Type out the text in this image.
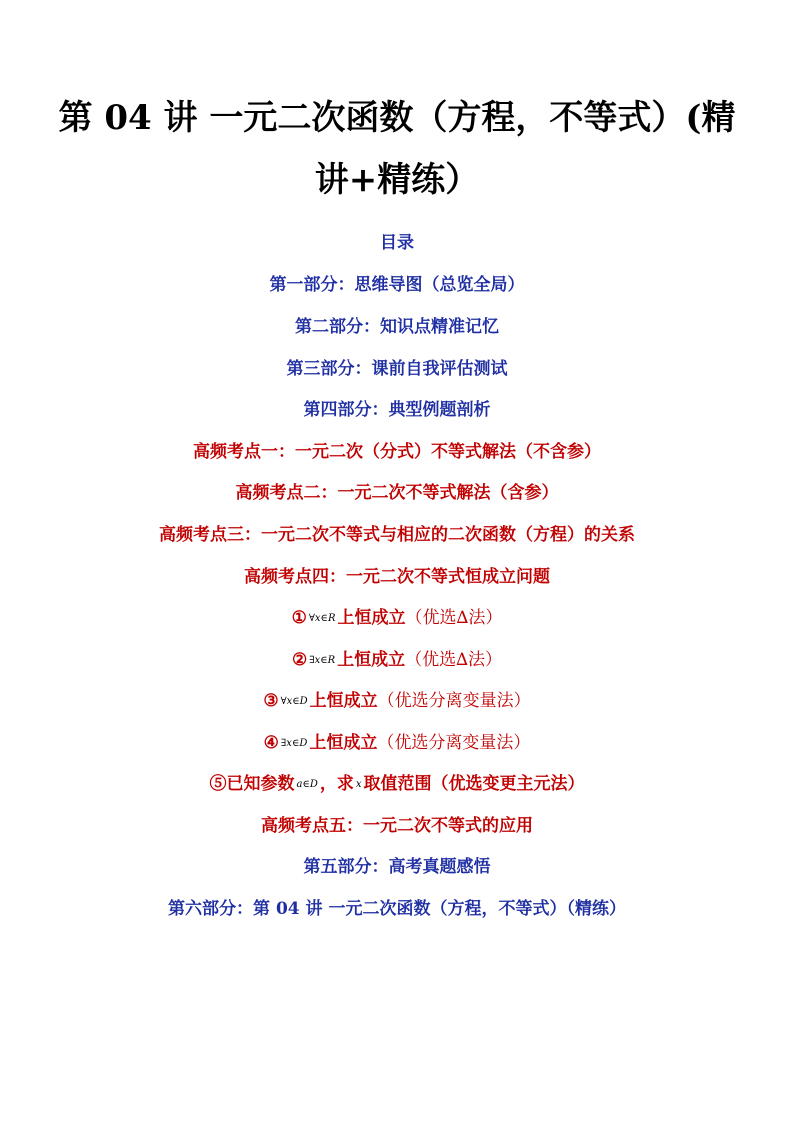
第 04 讲 一元二次函数（方程，不等式）(精
讲+精练）
目录
第一部分：思维导图（总览全局）
第二部分：知识点精准记忆
第三部分：课前自我评估测试
第四部分：典型例题剖析
高频考点一：一元二次（分式）不等式解法（不含参）
高频考点二：一元二次不等式解法（含参）
高频考点三：一元二次不等式与相应的二次函数（方程）的关系
高频考点四：一元二次不等式恒成立问题
① ∀x∈R 上恒成立（优选∆法）
② ∃x∈R 上恒成立（优选∆法）
③ ∀x∈D 上恒成立（优选分离变量法）
④ ∃x∈D 上恒成立（优选分离变量法）
⑤已知参数 a∈D ，求 x 取值范围（优选变更主元法）
高频考点五：一元二次不等式的应用
第五部分：高考真题感悟
第六部分：第 04 讲 一元二次函数（方程，不等式）（精练）
